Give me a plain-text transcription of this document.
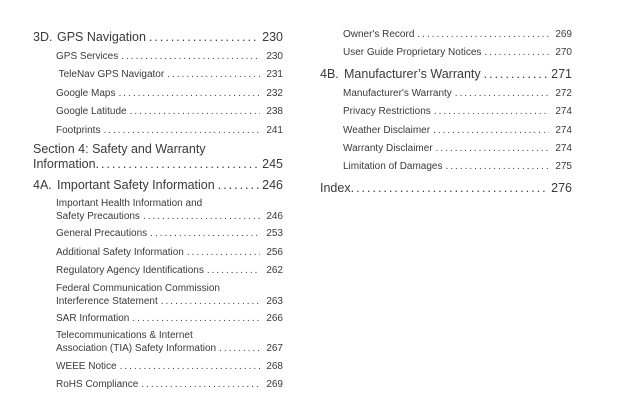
3D. GPS Navigation .....	230
GPS Services .....	230
TeleNav GPS Navigator .....	231
Google Maps .....	232
Google Latitude .....	238
Footprints .....	241
Section 4: Safety and Warranty
Information .....	245
4A. Important Safety Information .....	246
Important Health Information and
Safety Precautions .....	246
General Precautions .....	253
Additional Safety Information .....	256
Regulatory Agency Identifications .....	262
Federal Communication Commission
Interference Statement .....	263
SAR Information .....	266
Telecommunications & Internet
Association (TIA) Safety Information .....	267
WEEE Notice .....	268
RoHS Compliance .....	269
Owner's Record .....	269
User Guide Proprietary Notices .....	270
4B. Manufacturer’s Warranty .....	271
Manufacturer's Warranty .....	272
Privacy Restrictions .....	274
Weather Disclaimer .....	274
Warranty Disclaimer .....	274
Limitation of Damages .....	275
Index .....	276
